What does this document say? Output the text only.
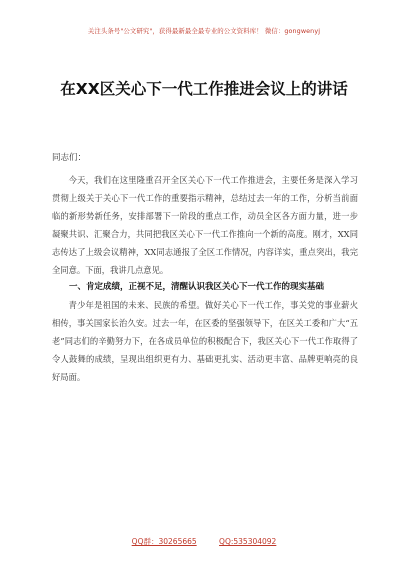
关注头条号"公文研究"，获得最新最全最专业的公文资料库！ 微信：gongwenyj
在XX区关心下一代工作推进会议上的讲话
同志们：

今天，我们在这里隆重召开全区关心下一代工作推进会，主要任务是深入学习贯彻上级关于关心下一代工作的重要指示精神，总结过去一年的工作，分析当前面临的新形势新任务，安排部署下一阶段的重点工作，动员全区各方面力量，进一步凝聚共识、汇聚合力，共同把我区关心下一代工作推向一个新的高度。刚才，XX同志传达了上级会议精神，XX同志通报了全区工作情况，内容详实，重点突出，我完全同意。下面，我讲几点意见。

一、肯定成绩，正视不足，清醒认识我区关心下一代工作的现实基础

青少年是祖国的未来、民族的希望。做好关心下一代工作，事关党的事业薪火相传，事关国家长治久安。过去一年，在区委的坚强领导下，在区关工委和广大“五老”同志们的辛勤努力下，在各成员单位的积极配合下，我区关心下一代工作取得了令人鼓舞的成绩，呈现出组织更有力、基础更扎实、活动更丰富、品牌更响亮的良好局面。

QQ群：30265665	QQ:535304092
